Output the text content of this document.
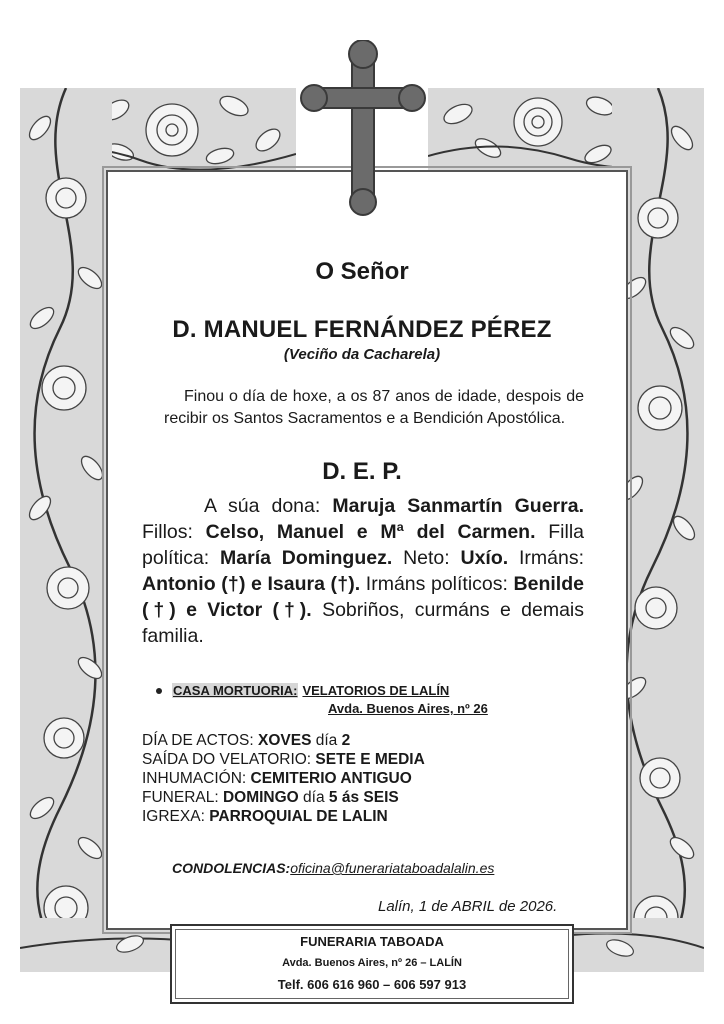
O Señor
D. MANUEL FERNÁNDEZ PÉREZ
(Veciño da Cacharela)
Finou o día de hoxe, a os 87 anos de idade, despois de recibir os Santos Sacramentos e a Bendición Apostólica.
D. E. P.
A súa dona: Maruja Sanmartín Guerra. Fillos: Celso, Manuel e Mª del Carmen. Filla política: María Dominguez. Neto: Uxío. Irmáns: Antonio (†) e Isaura (†). Irmáns políticos: Benilde (†) e Victor (†). Sobriños, curmáns e demais familia.
CASA MORTUORIA: VELATORIOS DE LALÍN
Avda. Buenos Aires, nº 26
DÍA DE ACTOS: XOVES día 2
SAÍDA DO VELATORIO: SETE E MEDIA
INHUMACIÓN: CEMITERIO ANTIGUO
FUNERAL: DOMINGO día 5 ás SEIS
IGREXA: PARROQUIAL DE LALIN
CONDOLENCIAS:oficina@funerariataboadalalin.es
Lalín, 1 de ABRIL de 2026.
FUNERARIA TABOADA
Avda. Buenos Aires, nº 26 – LALÍN
Telf. 606 616 960 – 606 597 913
